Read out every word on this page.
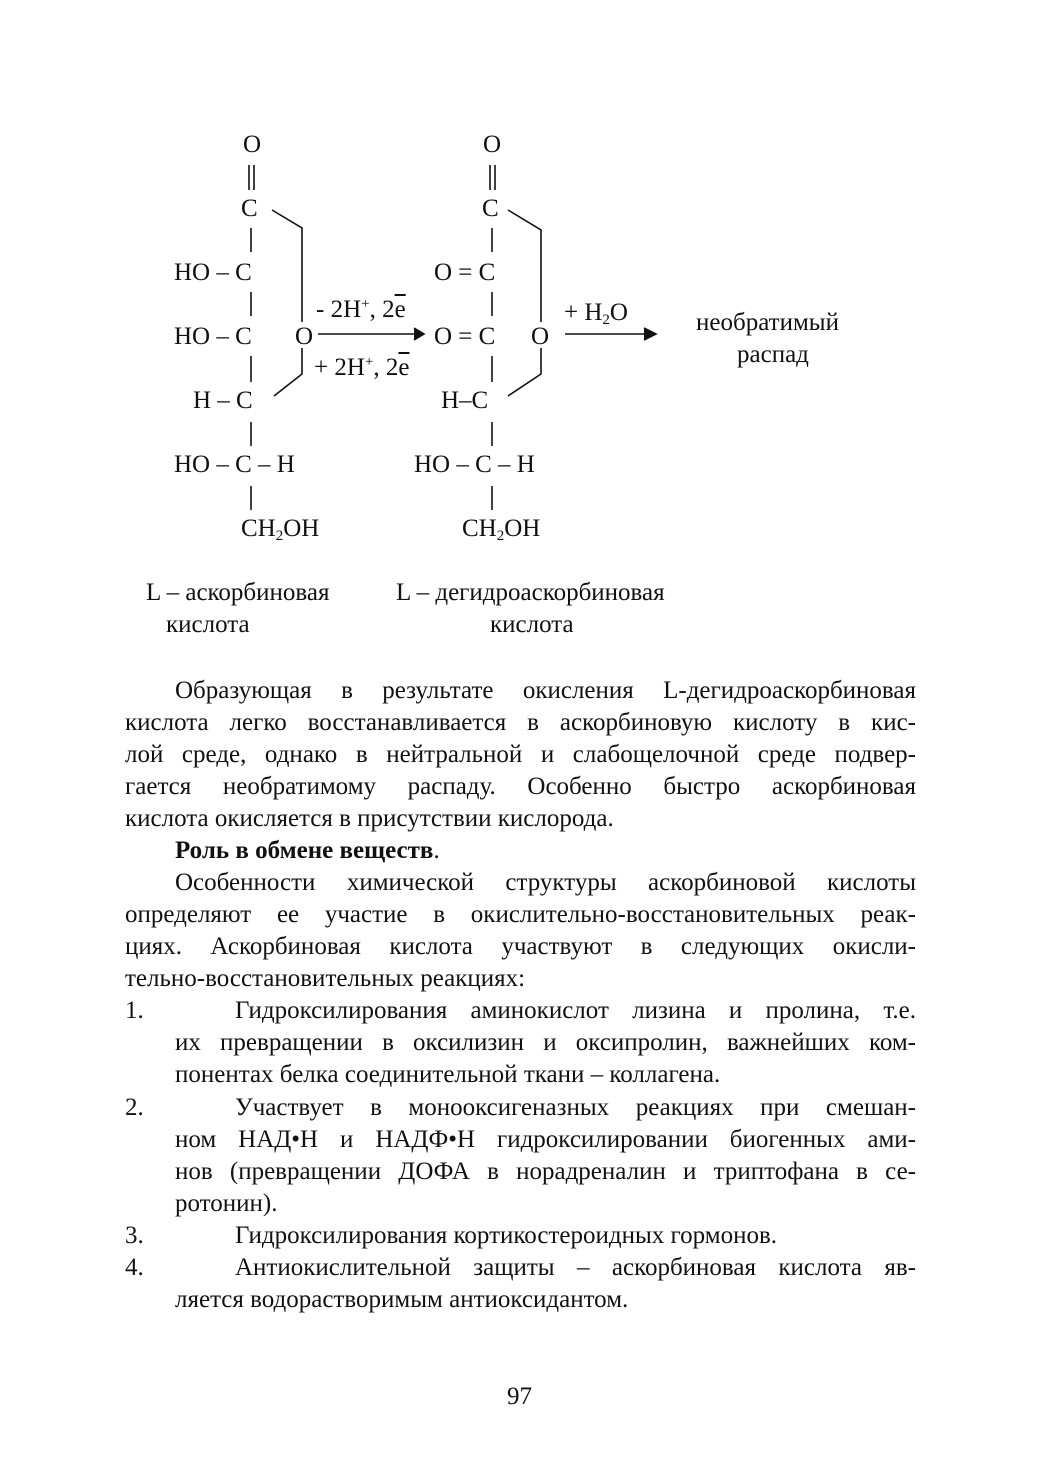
O
C
HO – C
HO – C O
H – C
HO – C – H
$CH_2OH$
- 2H+, $2\overline{e}$
+ 2H+, $2\overline{e}$
O
C
O = C
O = C O
H–C
HO – C – H
$CH_2OH$
+ $H_2O$	необратимый
распад
L – аскорбиновая
кислота
L – дегидроаскорбиновая
кислота
Образующая в результате окисления L-дегидроаскорбиновая
кислота легко восстанавливается в аскорбиновую кислоту в кис-
лой среде, однако в нейтральной и слабощелочной среде подвер-
гается необратимому распаду. Особенно быстро аскорбиновая
кислота окисляется в присутствии кислорода.
Роль в обмене веществ.
Особенности химической структуры аскорбиновой кислоты
определяют ее участие в окислительно-восстановительных реак-
циях. Аскорбиновая кислота участвуют в следующих окисли-
тельно-восстановительных реакциях:
1.	Гидроксилирования аминокислот лизина и пролина, т.е.
их превращении в оксилизин и оксипролин, важнейших ком-
понентах белка соединительной ткани – коллагена.
2.	Участвует в монооксигеназных реакциях при смешан-
ном НАД•Н и НАДФ•Н гидроксилировании биогенных ами-
нов (превращении ДОФА в норадреналин и триптофана в се-
ротонин).
3.	Гидроксилирования кортикостероидных гормонов.
4.	Антиокислительной защиты – аскорбиновая кислота яв-
ляется водорастворимым антиоксидантом.
97
